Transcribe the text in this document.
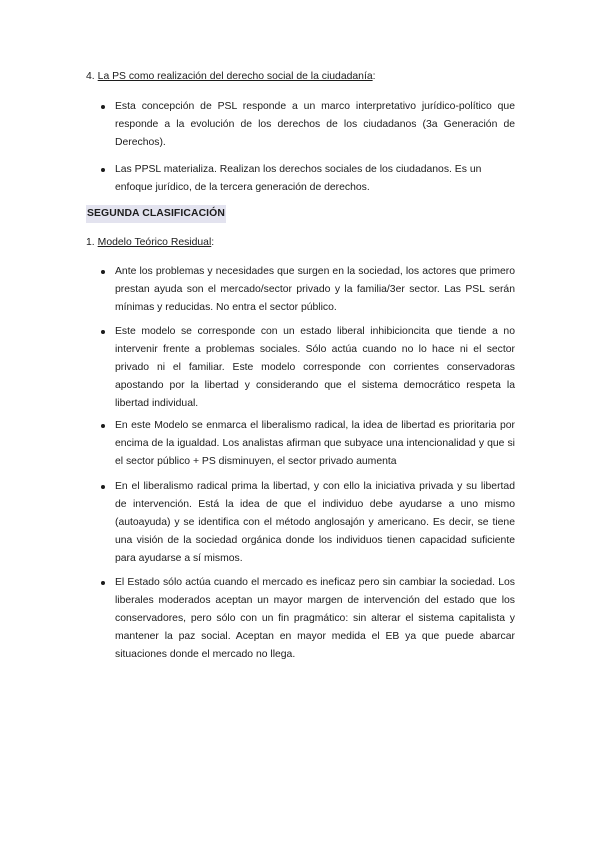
4. La PS como realización del derecho social de la ciudadanía:
Esta concepción de PSL responde a un marco interpretativo jurídico-político que responde a la evolución de los derechos de los ciudadanos (3a Generación de Derechos).
Las PPSL materializa. Realizan los derechos sociales de los ciudadanos. Es un enfoque jurídico, de la tercera generación de derechos.
SEGUNDA CLASIFICACIÓN
1. Modelo Teórico Residual:
Ante los problemas y necesidades que surgen en la sociedad, los actores que primero prestan ayuda son el mercado/sector privado y la familia/3er sector. Las PSL serán mínimas y reducidas. No entra el sector público.
Este modelo se corresponde con un estado liberal inhibicioncita que tiende a no intervenir frente a problemas sociales. Sólo actúa cuando no lo hace ni el sector privado ni el familiar. Este modelo corresponde con corrientes conservadoras apostando por la libertad y considerando que el sistema democrático respeta la libertad individual.
En este Modelo se enmarca el liberalismo radical, la idea de libertad es prioritaria por encima de la igualdad. Los analistas afirman que subyace una intencionalidad y que si el sector público + PS disminuyen, el sector privado aumenta
En el liberalismo radical prima la libertad, y con ello la iniciativa privada y su libertad de intervención. Está la idea de que el individuo debe ayudarse a uno mismo (autoayuda) y se identifica con el método anglosajón y americano. Es decir, se tiene una visión de la sociedad orgánica donde los individuos tienen capacidad suficiente para ayudarse a sí mismos.
El Estado sólo actúa cuando el mercado es ineficaz pero sin cambiar la sociedad. Los liberales moderados aceptan un mayor margen de intervención del estado que los conservadores, pero sólo con un fin pragmático: sin alterar el sistema capitalista y mantener la paz social. Aceptan en mayor medida el EB ya que puede abarcar situaciones donde el mercado no llega.
